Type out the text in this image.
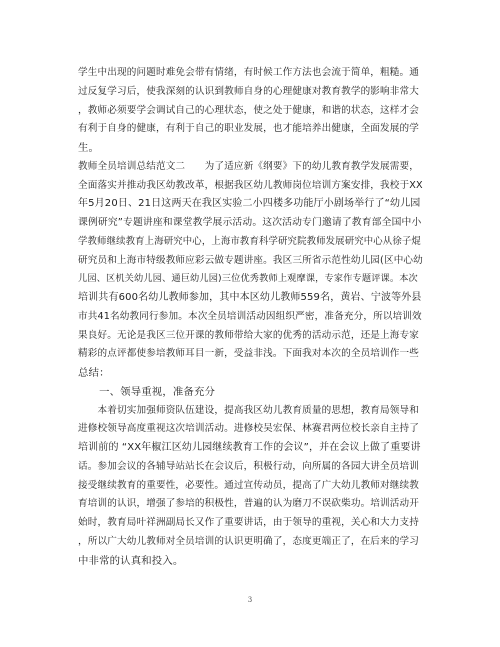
学生中出现的问题时难免会带有情绪，有时候工作方法也会流于简单，粗糙。通
过反复学习后，使我深刻的认识到教师自身的心理健康对教育教学的影响非常大
，教师必须要学会调试自己的心理状态，使之处于健康，和谐的状态，这样才会
有利于自身的健康，有利于自己的职业发展，也才能培养出健康，全面发展的学
生。
教师全员培训总结范文二　　为了适应新《纲要》下的幼儿教育教学发展需要，
全面落实并推动我区幼教改革，根据我区幼儿教师岗位培训方案安排，我校于XX
年5月20日、21日这两天在我区实验二小四楼多功能厅小剧场举行了“幼儿园
课例研究”专题讲座和课堂教学展示活动。这次活动专门邀请了教育部全国中小
学教师继续教育上海研究中心，上海市教育科学研究院教师发展研究中心从徐子焜
研究员和上海市特级教师应彩云做专题讲座。我区三所省示范性幼儿园(区中心幼
儿园、区机关幼儿园、通巨幼儿园)三位优秀教师上观摩课，专家作专题评课。本次
培训共有600名幼儿教师参加，其中本区幼儿教师559名，黄岩、宁波等外县
市共41名幼教同行参加。本次全员培训活动因组织严密，准备充分，所以培训效
果良好。无论是我区三位开课的教师带给大家的优秀的活动示范，还是上海专家
精彩的点评都使参培教师耳目一新，受益非浅。下面我对本次的全员培训作一些
总结：
　　一、领导重视，准备充分
　　本着切实加强师资队伍建设，提高我区幼儿教育质量的思想，教育局领导和
进修校领导高度重视这次培训活动。进修校吴宏保、林赛君两位校长亲自主持了
培训前的 “XX年椒江区幼儿园继续教育工作的会议”，并在会议上做了重要讲
话。参加会议的各辅导站站长在会议后，积极行动，向所属的各园大讲全员培训
接受继续教育的重要性，必要性。通过宣传动员，提高了广大幼儿教师对继续教
育培训的认识，增强了参培的积极性，普遍的认为磨刀不误砍柴功。培训活动开
始时，教育局叶祥洲副局长又作了重要讲话，由于领导的重视，关心和大力支持
，所以广大幼儿教师对全员培训的认识更明确了，态度更端正了，在后来的学习
中非常的认真和投入。
3
